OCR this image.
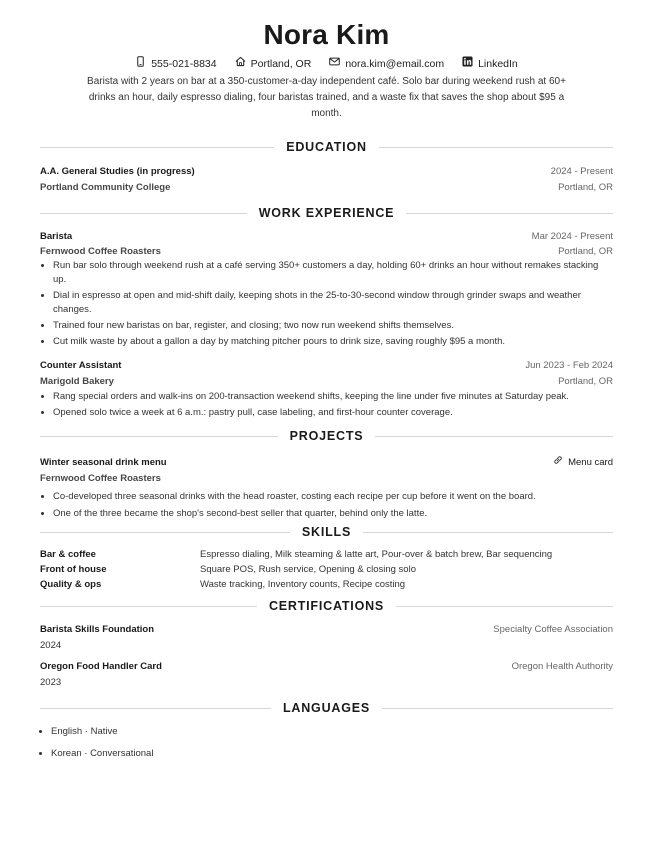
Nora Kim
555-021-8834	Portland, OR	nora.kim@email.com	LinkedIn
Barista with 2 years on bar at a 350-customer-a-day independent café. Solo bar during weekend rush at 60+ drinks an hour, daily espresso dialing, four baristas trained, and a waste fix that saves the shop about $95 a month.
EDUCATION
A.A. General Studies (in progress)	2024 - Present
Portland Community College	Portland, OR
WORK EXPERIENCE
Barista	Mar 2024 - Present
Fernwood Coffee Roasters	Portland, OR
• Run bar solo through weekend rush at a café serving 350+ customers a day, holding 60+ drinks an hour without remakes stacking up.
• Dial in espresso at open and mid-shift daily, keeping shots in the 25-to-30-second window through grinder swaps and weather changes.
• Trained four new baristas on bar, register, and closing; two now run weekend shifts themselves.
• Cut milk waste by about a gallon a day by matching pitcher pours to drink size, saving roughly $95 a month.
Counter Assistant	Jun 2023 - Feb 2024
Marigold Bakery	Portland, OR
• Rang special orders and walk-ins on 200-transaction weekend shifts, keeping the line under five minutes at Saturday peak.
• Opened solo twice a week at 6 a.m.: pastry pull, case labeling, and first-hour counter coverage.
PROJECTS
Winter seasonal drink menu	Menu card
Fernwood Coffee Roasters
• Co-developed three seasonal drinks with the head roaster, costing each recipe per cup before it went on the board.
• One of the three became the shop's second-best seller that quarter, behind only the latte.
SKILLS
Bar & coffee	Espresso dialing, Milk steaming & latte art, Pour-over & batch brew, Bar sequencing
Front of house	Square POS, Rush service, Opening & closing solo
Quality & ops	Waste tracking, Inventory counts, Recipe costing
CERTIFICATIONS
Barista Skills Foundation	Specialty Coffee Association
2024
Oregon Food Handler Card	Oregon Health Authority
2023
LANGUAGES
• English · Native
• Korean · Conversational
